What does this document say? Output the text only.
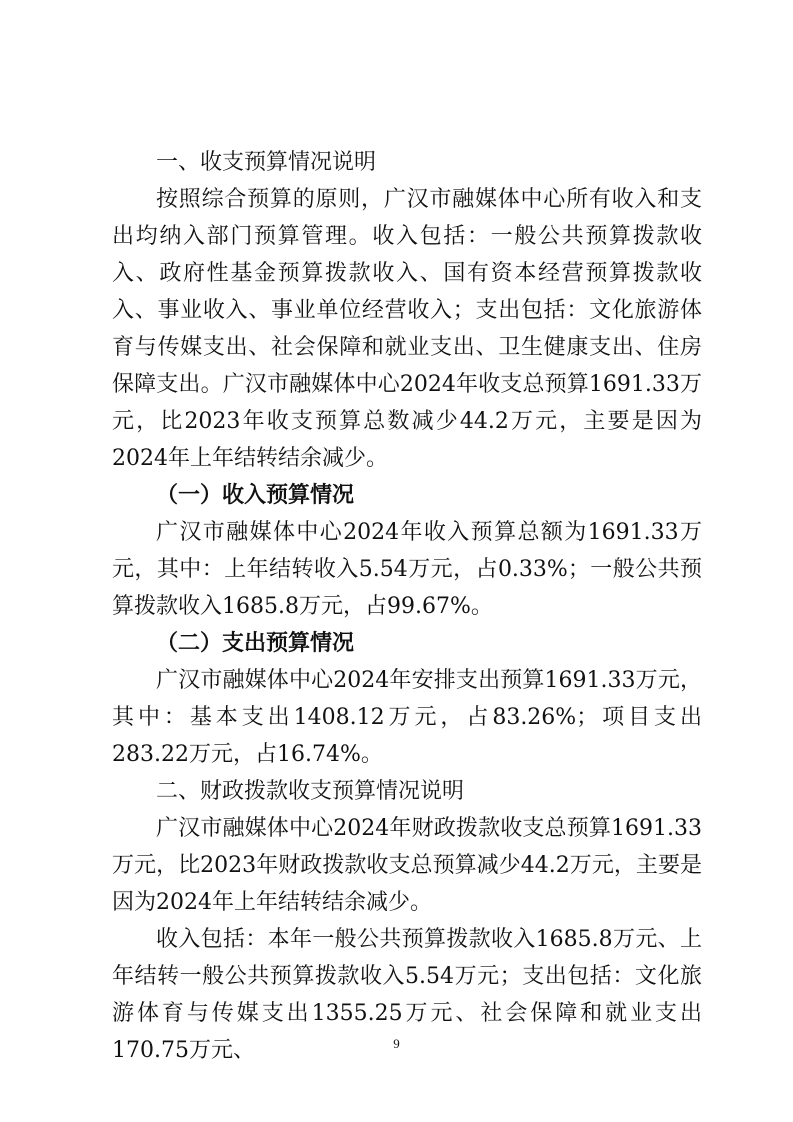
一、收支预算情况说明

按照综合预算的原则，广汉市融媒体中心所有收入和支出均纳入部门预算管理。收入包括：一般公共预算拨款收入、政府性基金预算拨款收入、国有资本经营预算拨款收入、事业收入、事业单位经营收入；支出包括：文化旅游体育与传媒支出、社会保障和就业支出、卫生健康支出、住房保障支出。广汉市融媒体中心2024年收支总预算1691.33万元，比2023年收支预算总数减少44.2万元，主要是因为2024年上年结转结余减少。

（一）收入预算情况

广汉市融媒体中心2024年收入预算总额为1691.33万元，其中：上年结转收入5.54万元，占0.33%；一般公共预算拨款收入1685.8万元，占99.67%。

（二）支出预算情况

广汉市融媒体中心2024年安排支出预算1691.33万元，其中：基本支出1408.12万元，占83.26%；项目支出283.22万元，占16.74%。

二、财政拨款收支预算情况说明

广汉市融媒体中心2024年财政拨款收支总预算1691.33万元，比2023年财政拨款收支总预算减少44.2万元，主要是因为2024年上年结转结余减少。

收入包括：本年一般公共预算拨款收入1685.8万元、上年结转一般公共预算拨款收入5.54万元；支出包括：文化旅游体育与传媒支出1355.25万元、社会保障和就业支出170.75万元、	9
